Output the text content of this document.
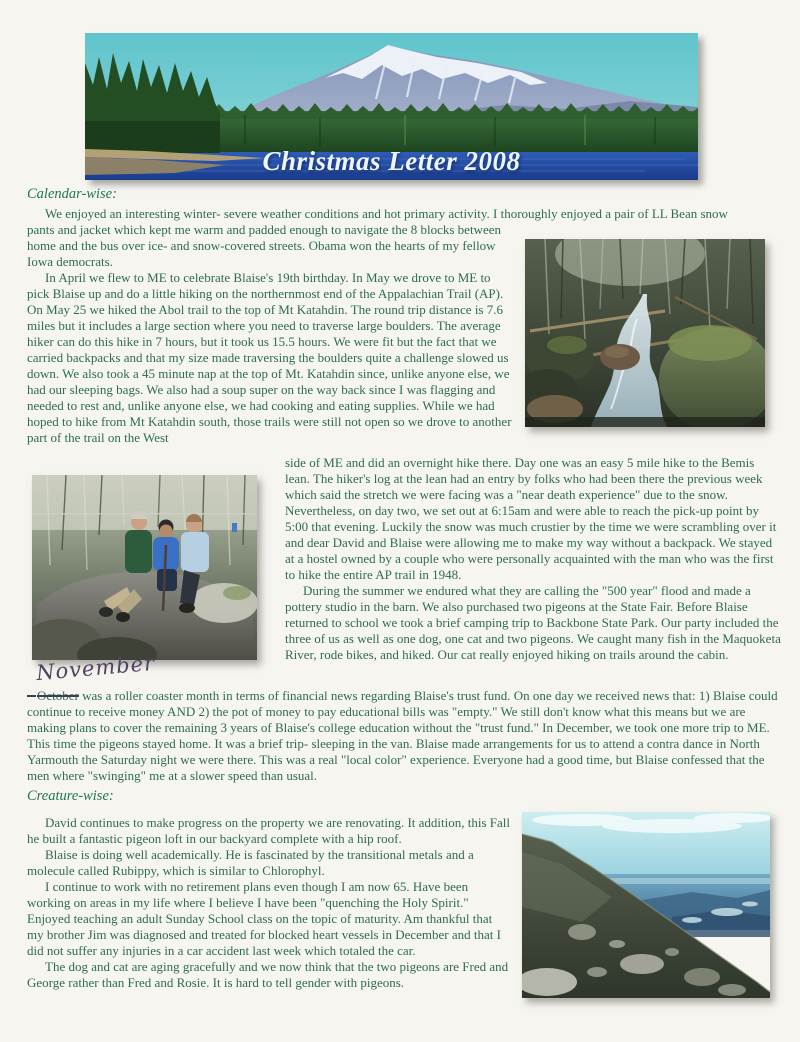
Christmas Letter 2008
Calendar-wise:

We enjoyed an interesting winter- severe weather conditions and hot primary activity. I thoroughly enjoyed a pair of LL Bean snow

pants and jacket which kept me warm and padded enough to navigate the 8 blocks between home and the bus over ice- and snow-covered streets. Obama won the hearts of my fellow Iowa democrats.

In April we flew to ME to celebrate Blaise's 19th birthday. In May we drove to ME to pick Blaise up and do a little hiking on the northernmost end of the Appalachian Trail (AP). On May 25 we hiked the Abol trail to the top of Mt Katahdin. The round trip distance is 7.6 miles but it includes a large section where you need to traverse large boulders. The average hiker can do this hike in 7 hours, but it took us 15.5 hours. We were fit but the fact that we carried backpacks and that my size made traversing the boulders quite a challenge slowed us down. We also took a 45 minute nap at the top of Mt. Katahdin since, unlike anyone else, we had our sleeping bags. We also had a soup super on the way back since I was flagging and needed to rest and, unlike anyone else, we had cooking and eating supplies. While we had hoped to hike from Mt Katahdin south, those trails were still not open so we drove to another part of the trail on the West

side of ME and did an overnight hike there. Day one was an easy 5 mile hike to the Bemis lean. The hiker's log at the lean had an entry by folks who had been there the previous week which said the stretch we were facing was a "near death experience" due to the snow. Nevertheless, on day two, we set out at 6:15am and were able to reach the pick-up point by 5:00 that evening. Luckily the snow was much crustier by the time we were scrambling over it and dear David and Blaise were allowing me to make my way without a backpack. We stayed at a hostel owned by a couple who were personally acquainted with the man who was the first to hike the entire AP trail in 1948.

During the summer we endured what they are calling the "500 year" flood and made a pottery studio in the barn. We also purchased two pigeons at the State Fair. Before Blaise returned to school we took a brief camping trip to Backbone State Park. Our party included the three of us as well as one dog, one cat and two pigeons. We caught many fish in the Maquoketa River, rode bikes, and hiked. Our cat really enjoyed hiking on trails around the cabin.

November

October was a roller coaster month in terms of financial news regarding Blaise's trust fund. On one day we received news that: 1) Blaise could continue to receive money AND 2) the pot of money to pay educational bills was "empty." We still don't know what this means but we are making plans to cover the remaining 3 years of Blaise's college education without the "trust fund." In December, we took one more trip to ME. This time the pigeons stayed home. It was a brief trip- sleeping in the van. Blaise made arrangements for us to attend a contra dance in North Yarmouth the Saturday night we were there. This was a real "local color" experience. Everyone had a good time, but Blaise confessed that the men where "swinging" me at a slower speed than usual.

Creature-wise:

David continues to make progress on the property we are renovating. It addition, this Fall he built a fantastic pigeon loft in our backyard complete with a hip roof.

Blaise is doing well academically. He is fascinated by the transitional metals and a molecule called Rubippy, which is similar to Chlorophyl.

I continue to work with no retirement plans even though I am now 65. Have been working on areas in my life where I believe I have been "quenching the Holy Spirit." Enjoyed teaching an adult Sunday School class on the topic of maturity. Am thankful that my brother Jim was diagnosed and treated for blocked heart vessels in December and that I did not suffer any injuries in a car accident last week which totaled the car.

The dog and cat are aging gracefully and we now think that the two pigeons are Fred and George rather than Fred and Rosie. It is hard to tell gender with pigeons.
